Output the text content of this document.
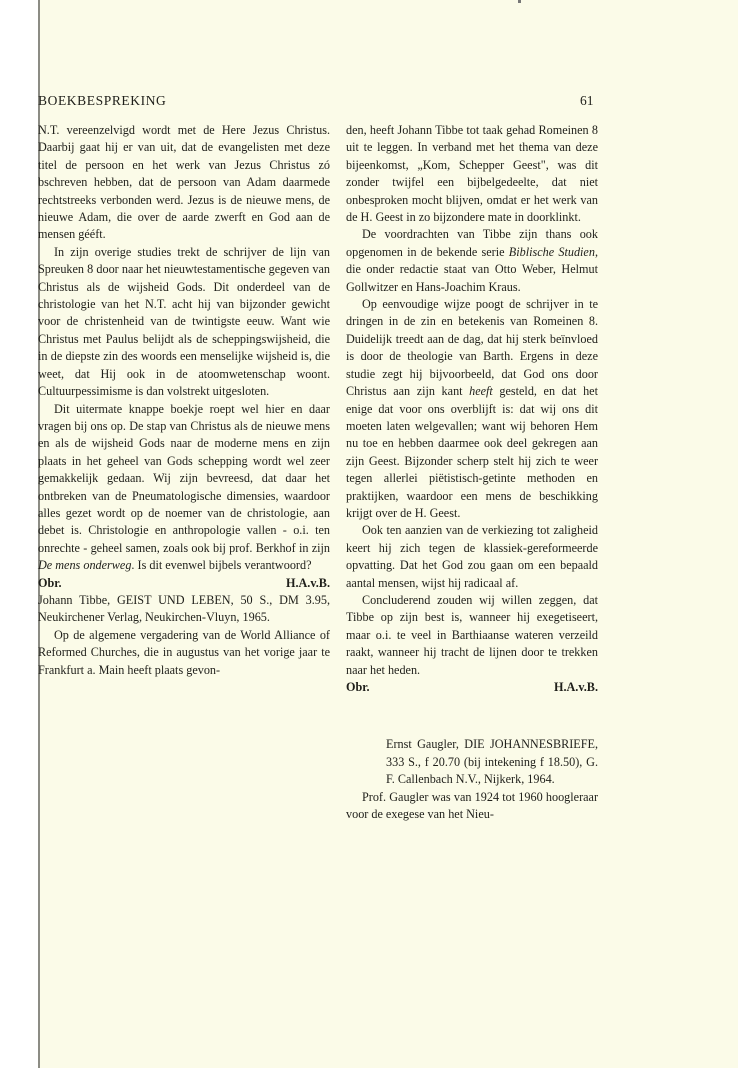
BOEKBESPREKING	61

N.T. vereenzelvigd wordt met de Here Jezus Christus. Daarbij gaat hij er van uit, dat de evangelisten met deze titel de persoon en het werk van Jezus Christus zó bschreven hebben, dat de persoon van Adam daarmede rechtstreeks verbonden werd. Jezus is de nieuwe mens, de nieuwe Adam, die over de aarde zwerft en God aan de mensen gééft.

In zijn overige studies trekt de schrijver de lijn van Spreuken 8 door naar het nieuwtestamentische gegeven van Christus als de wijsheid Gods. Dit onderdeel van de christologie van het N.T. acht hij van bijzonder gewicht voor de christenheid van de twintigste eeuw. Want wie Christus met Paulus belijdt als de scheppingswijsheid, die in de diepste zin des woords een menselijke wijsheid is, die weet, dat Hij ook in de atoomwetenschap woont. Cultuurpessimisme is dan volstrekt uitgesloten.

Dit uitermate knappe boekje roept wel hier en daar vragen bij ons op. De stap van Christus als de nieuwe mens en als de wijsheid Gods naar de moderne mens en zijn plaats in het geheel van Gods schepping wordt wel zeer gemakkelijk gedaan. Wij zijn bevreesd, dat daar het ontbreken van de Pneumatologische dimensies, waardoor alles gezet wordt op de noemer van de christologie, aan debet is. Christologie en anthropologie vallen - o.i. ten onrechte - geheel samen, zoals ook bij prof. Berkhof in zijn De mens onderweg. Is dit evenwel bijbels verantwoord?

Obr.	H.A.v.B.

Johann Tibbe, GEIST UND LEBEN, 50 S., DM 3.95, Neukirchener Verlag, Neukirchen-Vluyn, 1965.

Op de algemene vergadering van de World Alliance of Reformed Churches, die in augustus van het vorige jaar te Frankfurt a. Main heeft plaats gevon-

den, heeft Johann Tibbe tot taak gehad Romeinen 8 uit te leggen. In verband met het thema van deze bijeenkomst, „Kom, Schepper Geest", was dit zonder twijfel een bijbelgedeelte, dat niet onbesproken mocht blijven, omdat er het werk van de H. Geest in zo bijzondere mate in doorklinkt.

De voordrachten van Tibbe zijn thans ook opgenomen in de bekende serie Biblische Studien, die onder redactie staat van Otto Weber, Helmut Gollwitzer en Hans-Joachim Kraus.

Op eenvoudige wijze poogt de schrijver in te dringen in de zin en betekenis van Romeinen 8. Duidelijk treedt aan de dag, dat hij sterk beïnvloed is door de theologie van Barth. Ergens in deze studie zegt hij bijvoorbeeld, dat God ons door Christus aan zijn kant heeft gesteld, en dat het enige dat voor ons overblijft is: dat wij ons dit moeten laten welgevallen; want wij behoren Hem nu toe en hebben daarmee ook deel gekregen aan zijn Geest. Bijzonder scherp stelt hij zich te weer tegen allerlei piëtistisch-getinte methoden en praktijken, waardoor een mens de beschikking krijgt over de H. Geest.

Ook ten aanzien van de verkiezing tot zaligheid keert hij zich tegen de klassiek-gereformeerde opvatting. Dat het God zou gaan om een bepaald aantal mensen, wijst hij radicaal af.

Concluderend zouden wij willen zeggen, dat Tibbe op zijn best is, wanneer hij exegetiseert, maar o.i. te veel in Barthiaanse wateren verzeild raakt, wanneer hij tracht de lijnen door te trekken naar het heden.

Obr.	H.A.v.B.

Ernst Gaugler, DIE JOHANNESBRIEFE, 333 S., f 20.70 (bij intekening f 18.50), G. F. Callenbach N.V., Nijkerk, 1964.

Prof. Gaugler was van 1924 tot 1960 hoogleraar voor de exegese van het Nieu-
